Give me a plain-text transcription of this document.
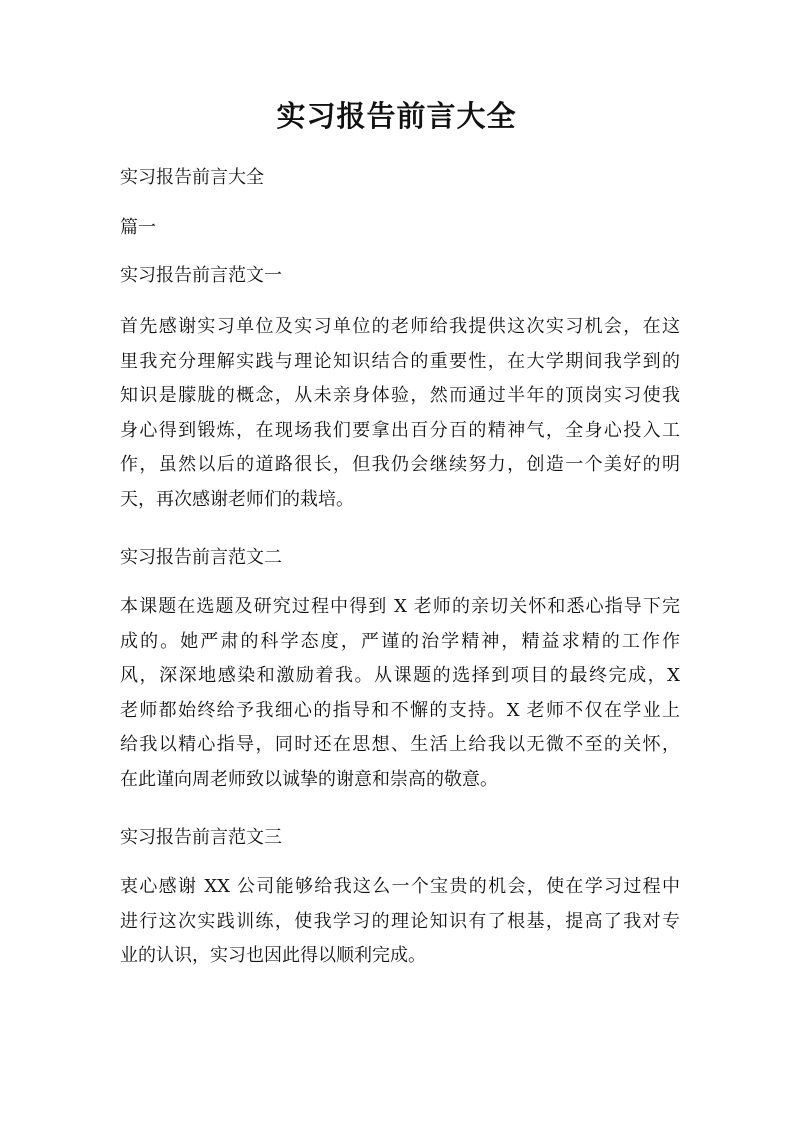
实习报告前言大全
实习报告前言大全
篇一
实习报告前言范文一
首先感谢实习单位及实习单位的老师给我提供这次实习机会，在这
里我充分理解实践与理论知识结合的重要性，在大学期间我学到的
知识是朦胧的概念，从未亲身体验，然而通过半年的顶岗实习使我
身心得到锻炼，在现场我们要拿出百分百的精神气，全身心投入工
作，虽然以后的道路很长，但我仍会继续努力，创造一个美好的明
天，再次感谢老师们的栽培。
实习报告前言范文二
本课题在选题及研究过程中得到 X 老师的亲切关怀和悉心指导下完
成的。她严肃的科学态度，严谨的治学精神，精益求精的工作作
风，深深地感染和激励着我。从课题的选择到项目的最终完成，X
老师都始终给予我细心的指导和不懈的支持。X 老师不仅在学业上
给我以精心指导，同时还在思想、生活上给我以无微不至的关怀，
在此谨向周老师致以诚挚的谢意和崇高的敬意。
实习报告前言范文三
衷心感谢 XX 公司能够给我这么一个宝贵的机会，使在学习过程中
进行这次实践训练，使我学习的理论知识有了根基，提高了我对专
业的认识，实习也因此得以顺利完成。
